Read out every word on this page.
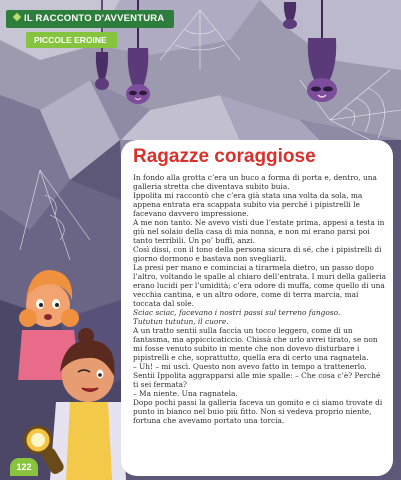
IL RACCONTO D'AVVENTURA
PICCOLE EROINE
Ragazze coraggiose

In fondo alla grotta c’era un buco a forma di porta e, dentro, una galleria stretta che diventava subito buia.

Ippolita mi raccontò che c’era già stata una volta da sola, ma appena entrata era scappata subito via perché i pipistrelli le facevano davvero impressione.

A me non tanto. Ne avevo visti due l’estate prima, appesi a testa in giù nel solaio della casa di mia nonna, e non mi erano parsi poi tanto terribili. Un po’ buffi, anzi.

Così dissi, con il tono della persona sicura di sé, che i pipistrelli di giorno dormono e bastava non svegliarli.

La presi per mano e cominciai a tirarmela dietro, un passo dopo l’altro, voltando le spalle al chiaro dell’entrata. I muri della galleria erano lucidi per l’umidità; c’era odore di muffa, come quello di una vecchia cantina, e un altro odore, come di terra marcia, mai toccata dal sole.

Sciac sciac, facevano i nostri passi sul terreno fangoso.

Tututun tututun, il cuore.

A un tratto sentii sulla faccia un tocco leggero, come di un fantasma, ma appiccicaticcio. Chissà che urlo avrei tirato, se non mi fosse venuto subito in mente che non dovevo disturbare i pipistrelli e che, soprattutto, quella era di certo una ragnatela.

– Uh! – mi uscì. Questo non avevo fatto in tempo a trattenerlo.

Sentii Ippolita aggrapparsi alle mie spalle: – Che cosa c’è? Perché ti sei fermata?

– Ma niente. Una ragnatela.

Dopo pochi passi la galleria faceva un gomito e ci siamo trovate di punto in bianco nel buio più fitto. Non si vedeva proprio niente, fortuna che avevamo portato una torcia.

122
